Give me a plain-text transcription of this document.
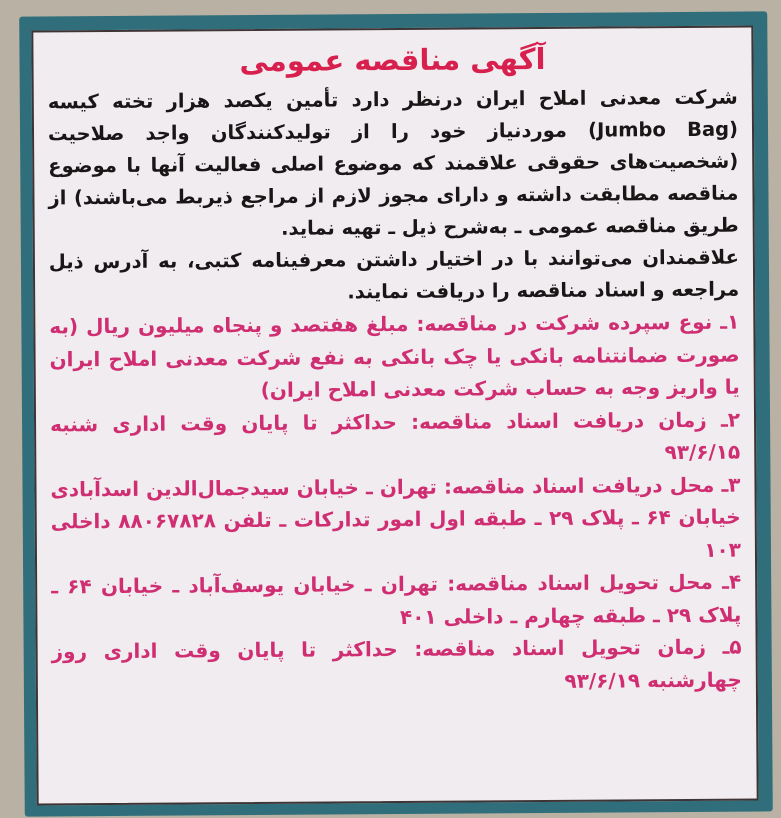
آگهی مناقصه عمومی

شرکت معدنی املاح ایران درنظر دارد تأمین یکصد هزار تخته کیسه (Jumbo Bag) موردنیاز خود را از تولیدکنندگان واجد صلاحیت (شخصیت‌های حقوقی علاقمند که موضوع اصلی فعالیت آنها با موضوع مناقصه مطابقت داشته و دارای مجوز لازم از مراجع ذیربط می‌باشند) از طریق مناقصه عمومی ـ به‌شرح ذیل ـ تهیه نماید.

علاقمندان می‌توانند با در اختیار داشتن معرفینامه کتبی، به آدرس ذیل مراجعه و اسناد مناقصه را دریافت نمایند.

۱ـ نوع سپرده شرکت در مناقصه: مبلغ هفتصد و پنجاه میلیون ریال (به صورت ضمانتنامه بانکی یا چک بانکی به نفع شرکت معدنی املاح ایران یا واریز وجه به حساب شرکت معدنی املاح ایران)

۲ـ زمان دریافت اسناد مناقصه: حداکثر تا پایان وقت اداری شنبه ۹۳/۶/۱۵

۳ـ محل دریافت اسناد مناقصه: تهران ـ خیابان سیدجمال‌الدین اسدآبادی خیابان ۶۴ ـ پلاک ۲۹ ـ طبقه اول امور تدارکات ـ تلفن ۸۸۰۶۷۸۲۸ داخلی ۱۰۳

۴ـ محل تحویل اسناد مناقصه: تهران ـ خیابان یوسف‌آباد ـ خیابان ۶۴ ـ پلاک ۲۹ ـ طبقه چهارم ـ داخلی ۴۰۱

۵ـ زمان تحویل اسناد مناقصه: حداکثر تا پایان وقت اداری روز چهارشنبه ۹۳/۶/۱۹
